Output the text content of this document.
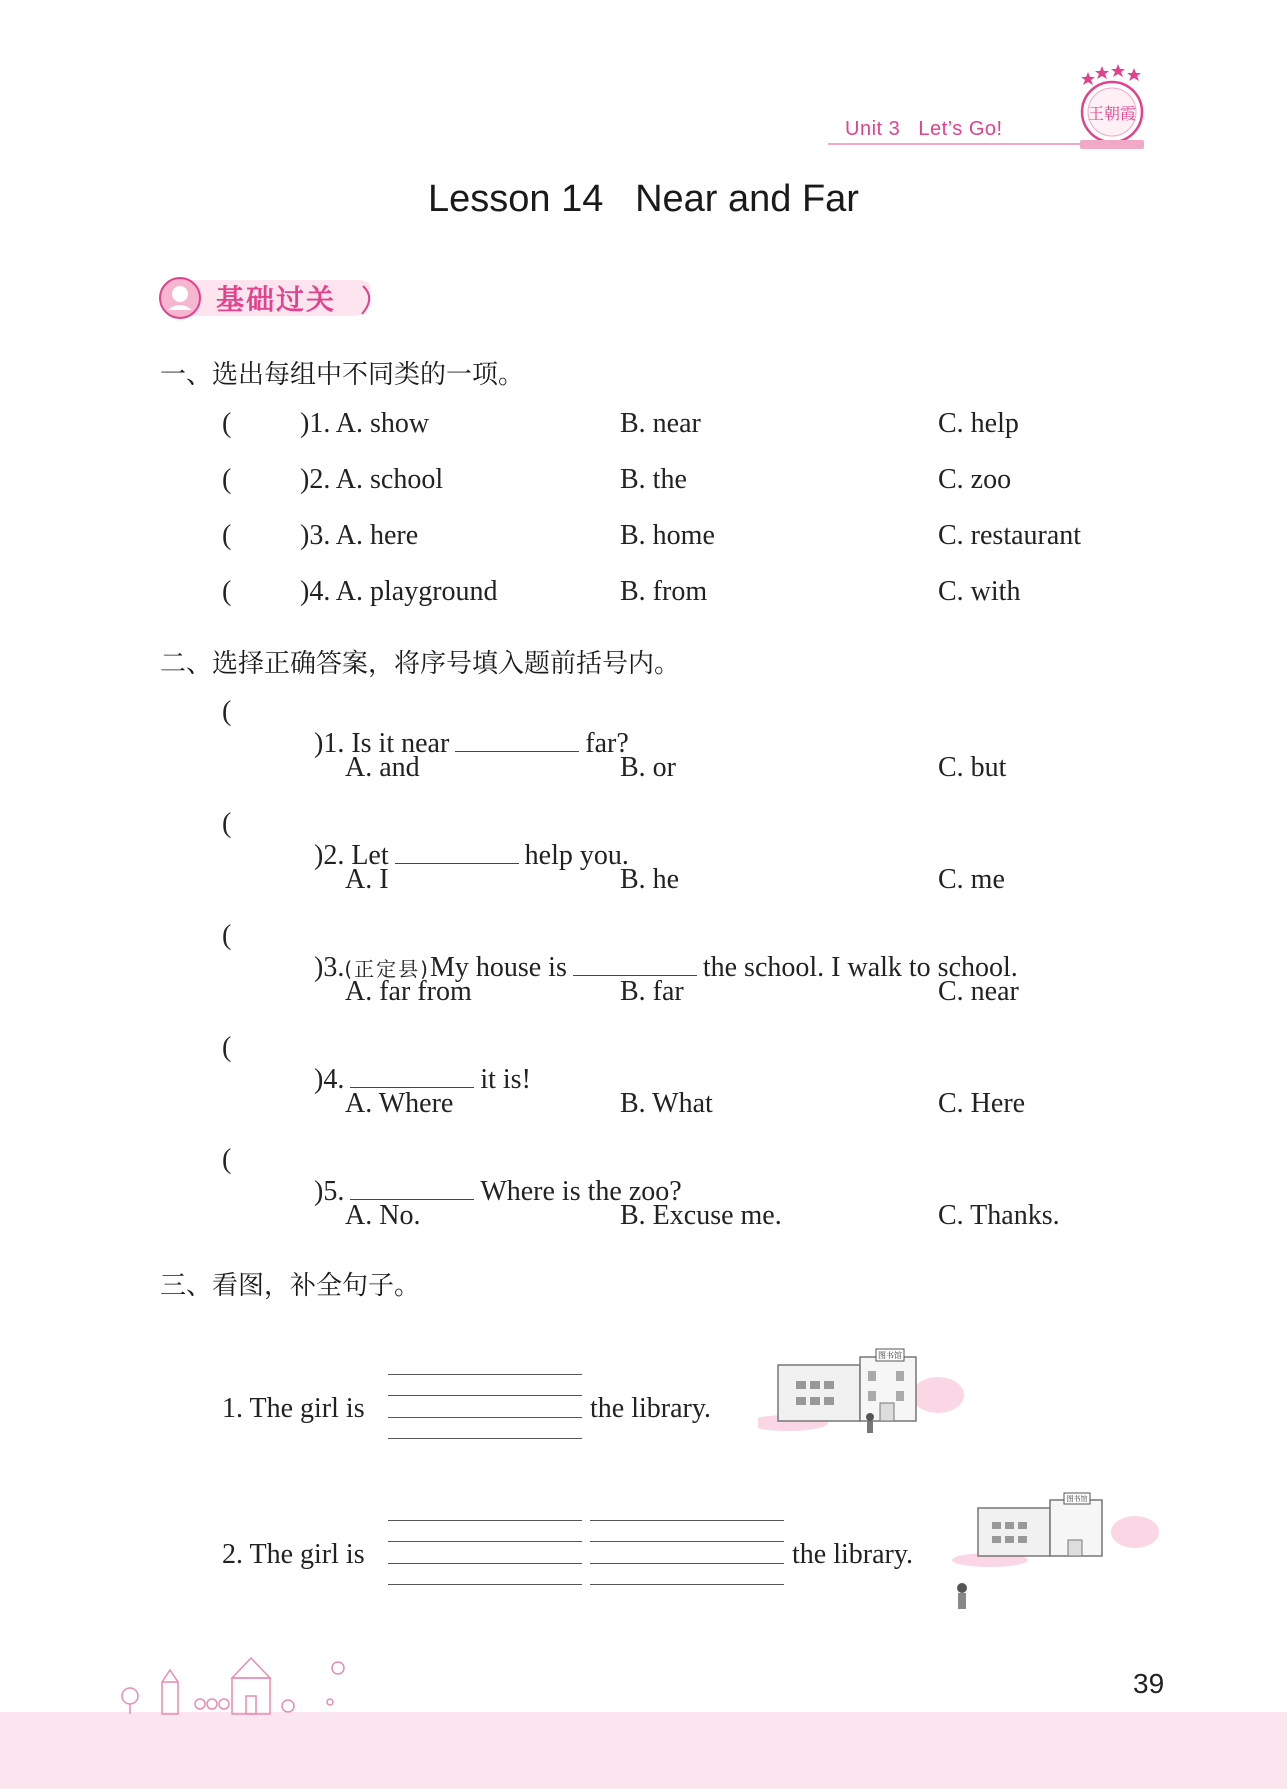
Unit 3   Let’s Go!
王朝霞
Lesson 14   Near and Far
基础过关
一、选出每组中不同类的一项。
( )1. A. show	B. near	C. help
( )2. A. school	B. the	C. zoo
( )3. A. here	B. home	C. restaurant
( )4. A. playground	B. from	C. with
二、选择正确答案，将序号填入题前括号内。
(

)1. Is it near	far?

A. and	B. or	C. but
(

)2. Let	help you.

A. I	B. he	C. me
(

)3.(正定县)My house is	the school. I walk to school.

A. far from	B. far	C. near
(

)4.	it is!

A. Where	B. What	C. Here
(

)5.	Where is the zoo?

A. No.	B. Excuse me.	C. Thanks.
三、看图，补全句子。
1. The girl is	the library.
图书馆
2. The girl is	the library.
图书馆
39
